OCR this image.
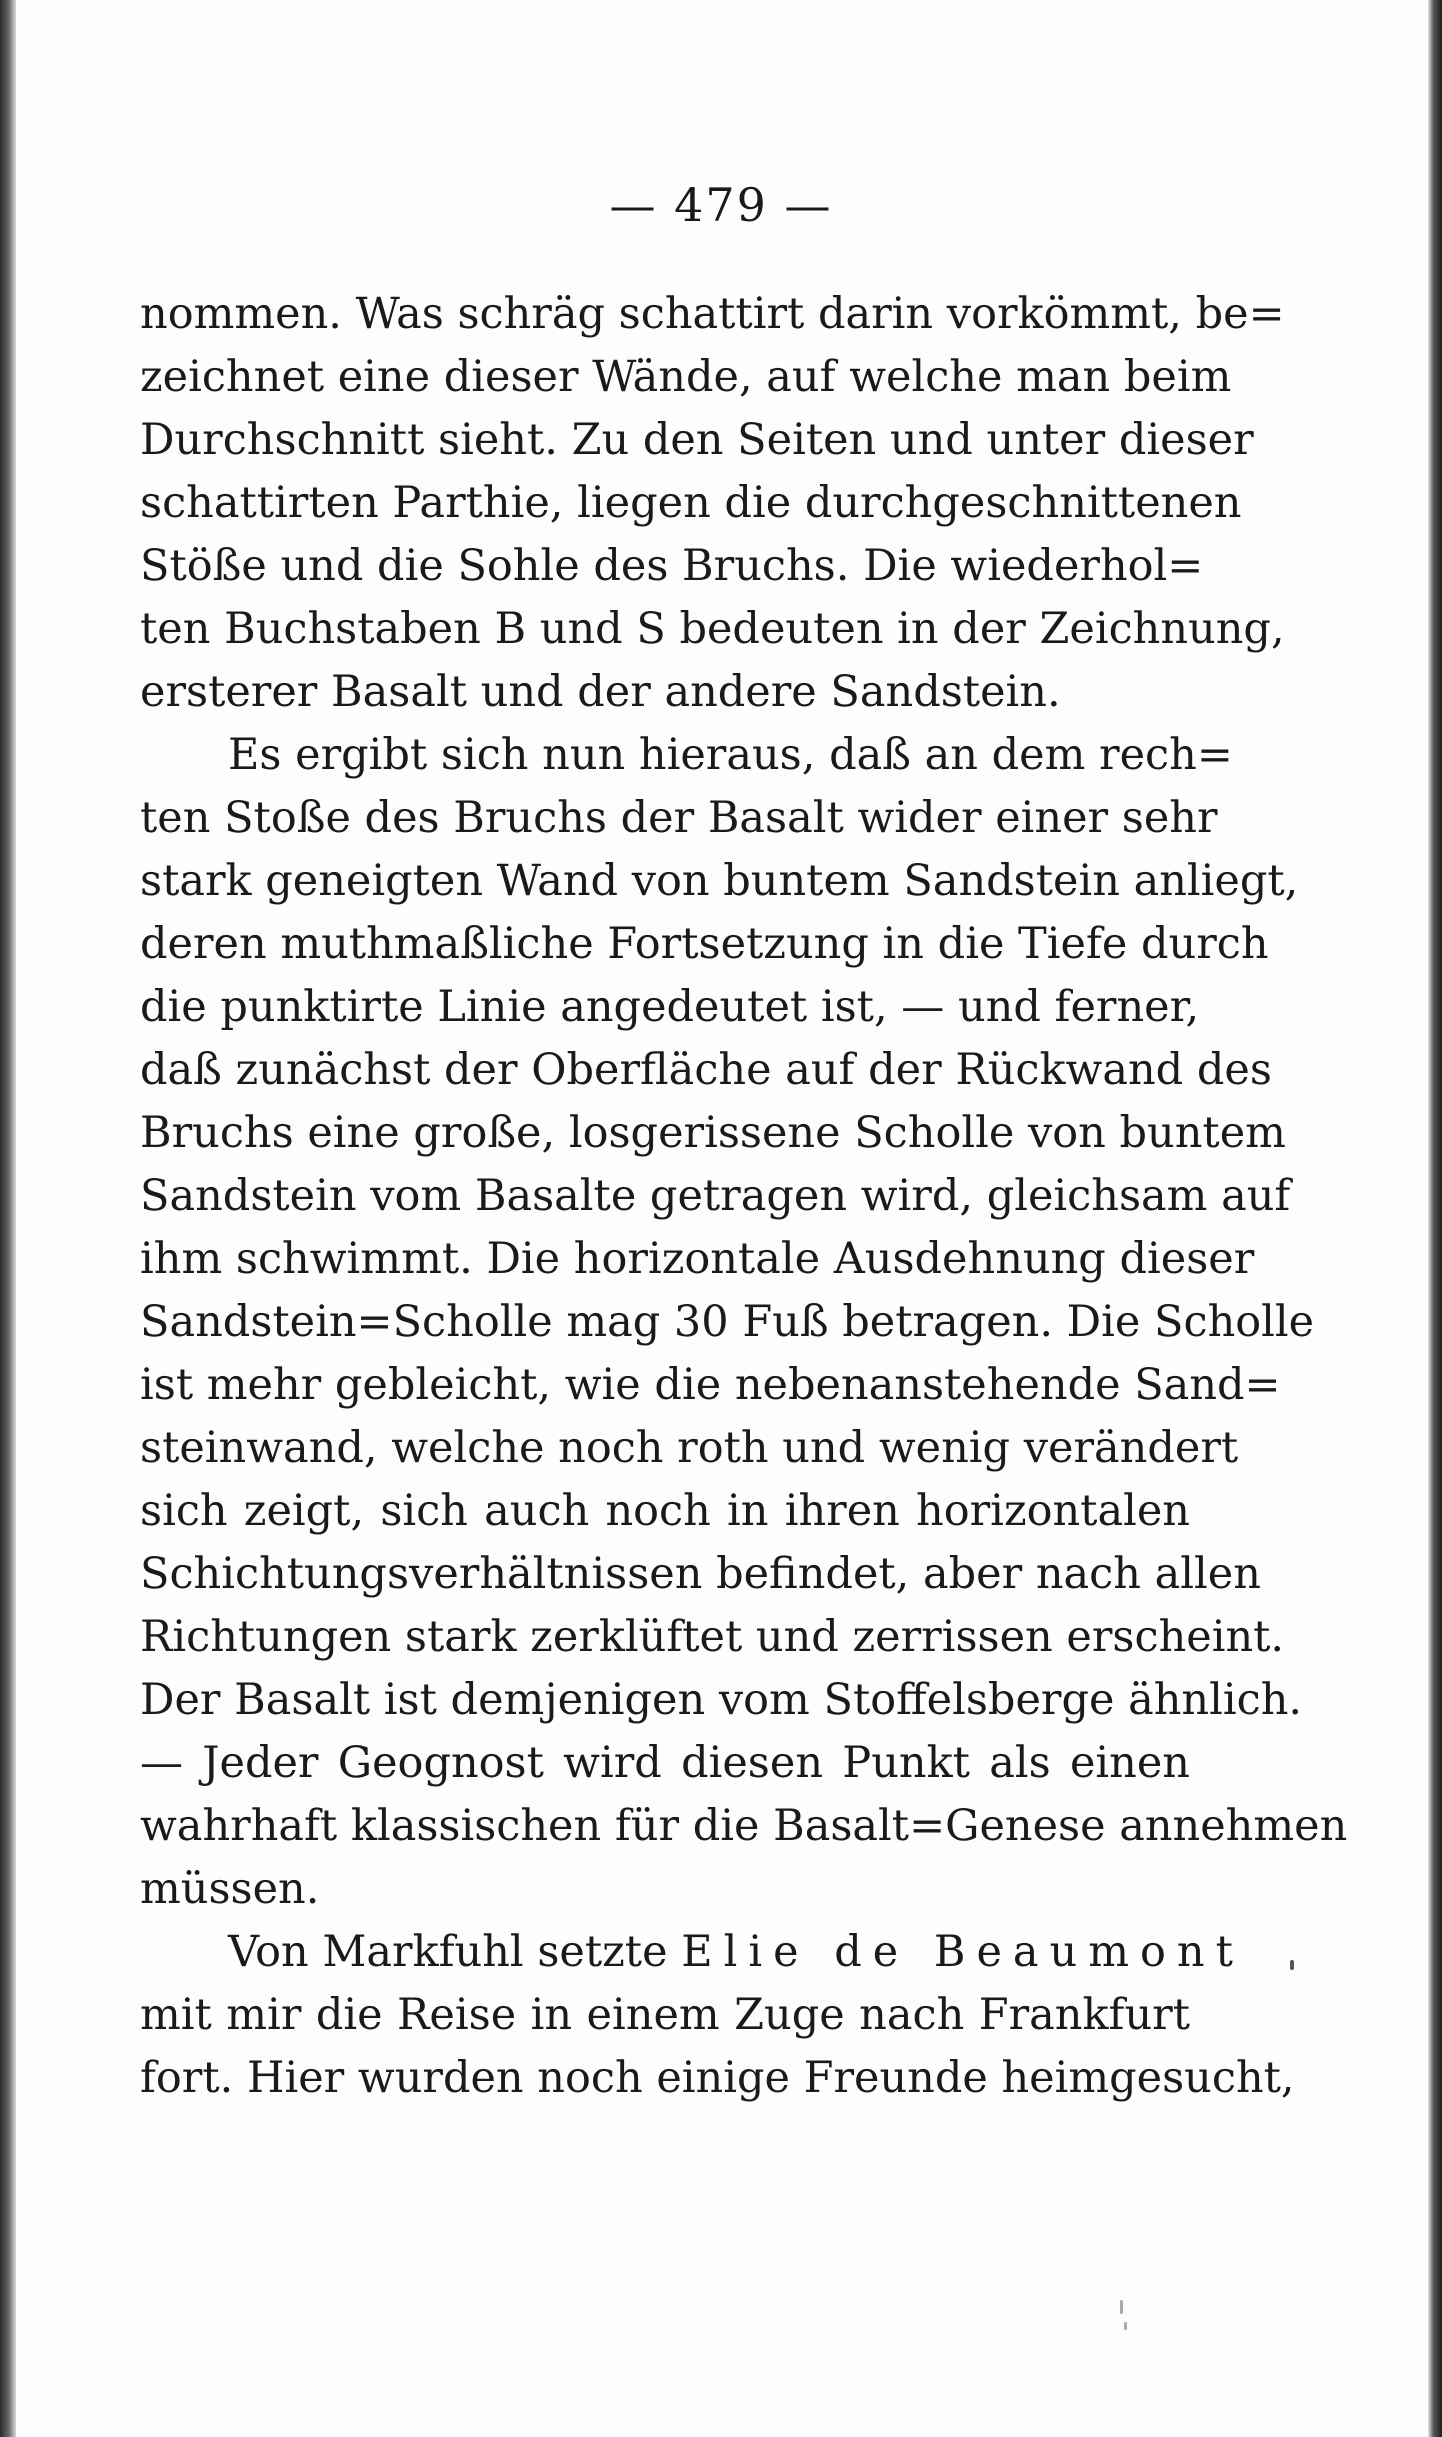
— 479 —
nommen. Was schräg schattirt darin vorkömmt, be=
zeichnet eine dieser Wände, auf welche man beim
Durchschnitt sieht. Zu den Seiten und unter dieser
schattirten Parthie, liegen die durchgeschnittenen
Stöße und die Sohle des Bruchs. Die wiederhol=
ten Buchstaben B und S bedeuten in der Zeichnung,
ersterer Basalt und der andere Sandstein.
Es ergibt sich nun hieraus, daß an dem rech=
ten Stoße des Bruchs der Basalt wider einer sehr
stark geneigten Wand von buntem Sandstein anliegt,
deren muthmaßliche Fortsetzung in die Tiefe durch
die punktirte Linie angedeutet ist, — und ferner,
daß zunächst der Oberfläche auf der Rückwand des
Bruchs eine große, losgerissene Scholle von buntem
Sandstein vom Basalte getragen wird, gleichsam auf
ihm schwimmt. Die horizontale Ausdehnung dieser
Sandstein=Scholle mag 30 Fuß betragen. Die Scholle
ist mehr gebleicht, wie die nebenanstehende Sand=
steinwand, welche noch roth und wenig verändert
sich zeigt, sich auch noch in ihren horizontalen
Schichtungsverhältnissen befindet, aber nach allen
Richtungen stark zerklüftet und zerrissen erscheint.
Der Basalt ist demjenigen vom Stoffelsberge ähnlich.
— Jeder Geognost wird diesen Punkt als einen
wahrhaft klassischen für die Basalt=Genese annehmen
müssen.
Von Markfuhl setzte Elie de Beaumont
mit mir die Reise in einem Zuge nach Frankfurt
fort. Hier wurden noch einige Freunde heimgesucht,
